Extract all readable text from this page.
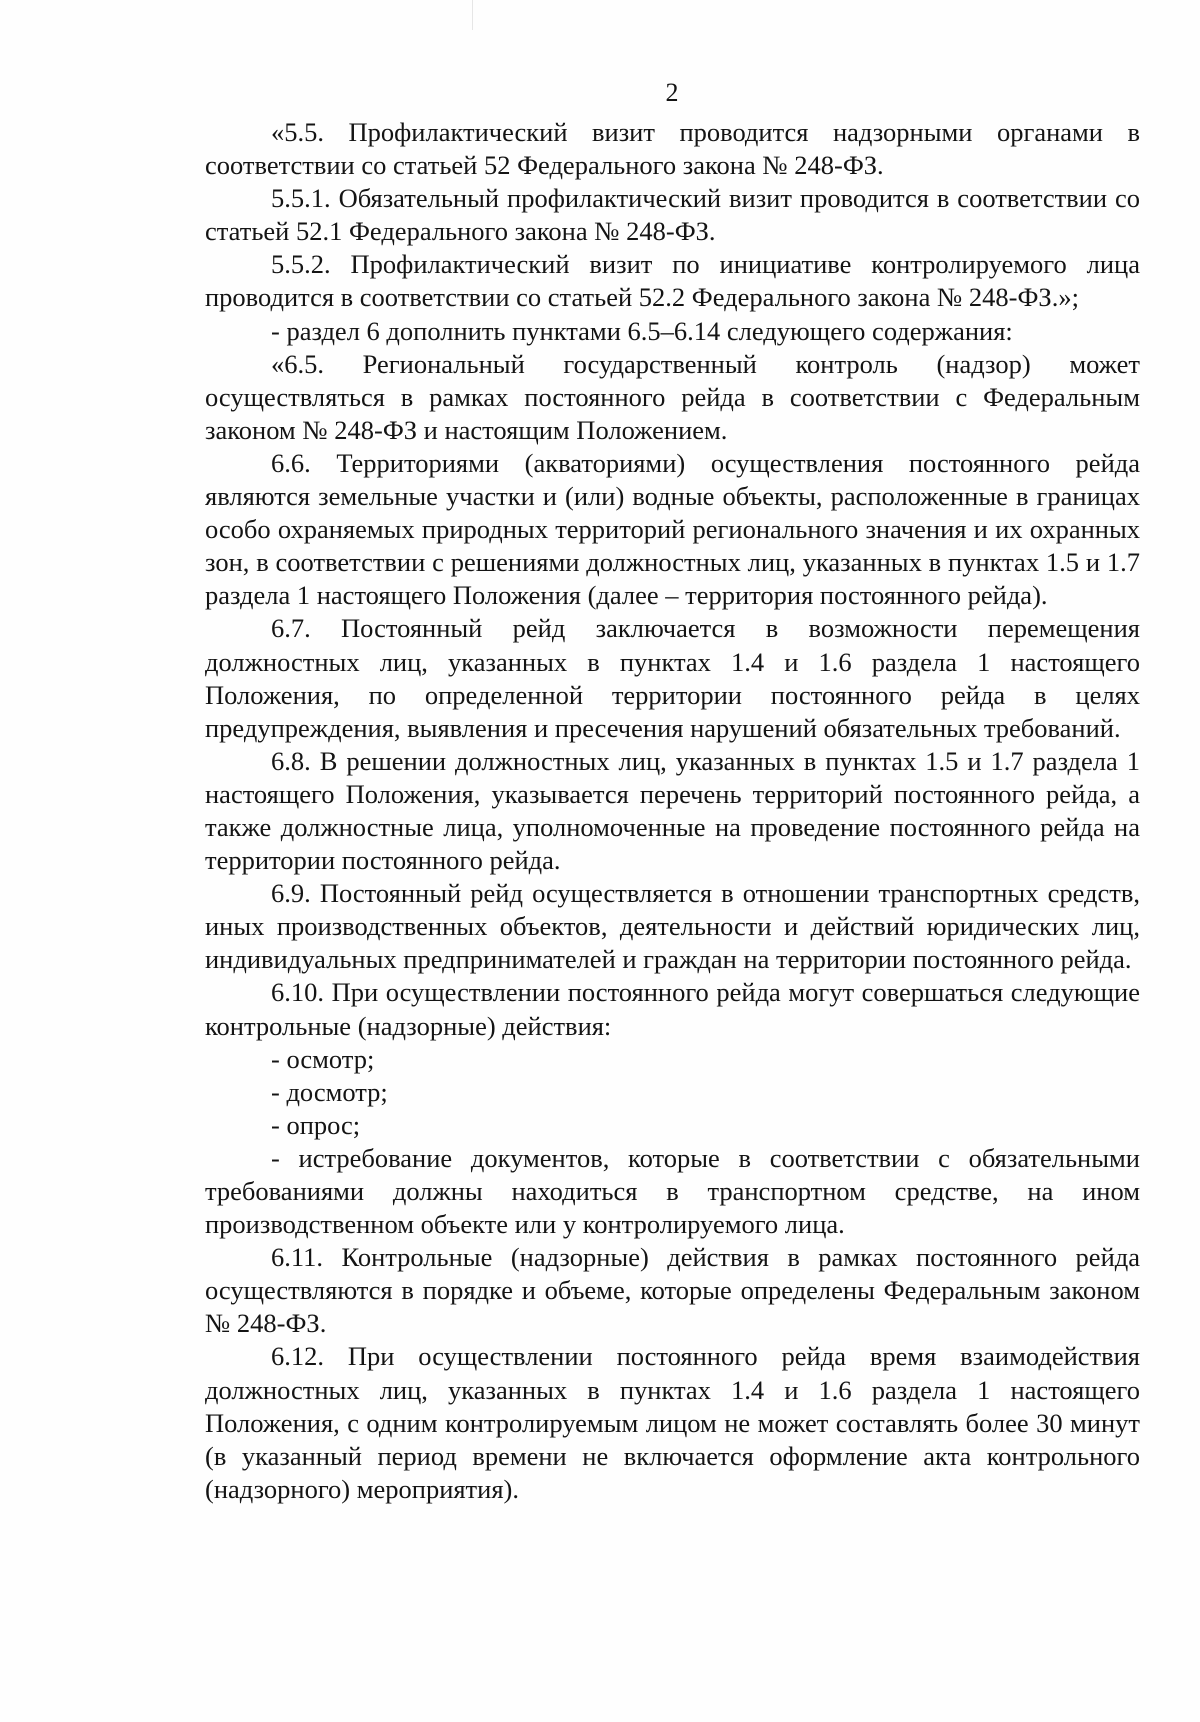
2

«5.5. Профилактический визит проводится надзорными органами в соответствии со статьей 52 Федерального закона № 248-ФЗ.

5.5.1. Обязательный профилактический визит проводится в соответствии со статьей 52.1 Федерального закона № 248-ФЗ.

5.5.2. Профилактический визит по инициативе контролируемого лица проводится в соответствии со статьей 52.2 Федерального закона № 248-ФЗ.»;

- раздел 6 дополнить пунктами 6.5–6.14 следующего содержания:

«6.5. Региональный государственный контроль (надзор) может осуществляться в рамках постоянного рейда в соответствии с Федеральным законом № 248-ФЗ и настоящим Положением.

6.6. Территориями (акваториями) осуществления постоянного рейда являются земельные участки и (или) водные объекты, расположенные в границах особо охраняемых природных территорий регионального значения и их охранных зон, в соответствии с решениями должностных лиц, указанных в пунктах 1.5 и 1.7 раздела 1 настоящего Положения (далее – территория постоянного рейда).

6.7. Постоянный рейд заключается в возможности перемещения должностных лиц, указанных в пунктах 1.4 и 1.6 раздела 1 настоящего Положения, по определенной территории постоянного рейда в целях предупреждения, выявления и пресечения нарушений обязательных требований.

6.8. В решении должностных лиц, указанных в пунктах 1.5 и 1.7 раздела 1 настоящего Положения, указывается перечень территорий постоянного рейда, а также должностные лица, уполномоченные на проведение постоянного рейда на территории постоянного рейда.

6.9. Постоянный рейд осуществляется в отношении транспортных средств, иных производственных объектов, деятельности и действий юридических лиц, индивидуальных предпринимателей и граждан на территории постоянного рейда.

6.10. При осуществлении постоянного рейда могут совершаться следующие контрольные (надзорные) действия:

- осмотр;

- досмотр;

- опрос;

- истребование документов, которые в соответствии с обязательными требованиями должны находиться в транспортном средстве, на ином производственном объекте или у контролируемого лица.

6.11. Контрольные (надзорные) действия в рамках постоянного рейда осуществляются в порядке и объеме, которые определены Федеральным законом № 248-ФЗ.

6.12. При осуществлении постоянного рейда время взаимодействия должностных лиц, указанных в пунктах 1.4 и 1.6 раздела 1 настоящего Положения, с одним контролируемым лицом не может составлять более 30 минут (в указанный период времени не включается оформление акта контрольного (надзорного) мероприятия).
